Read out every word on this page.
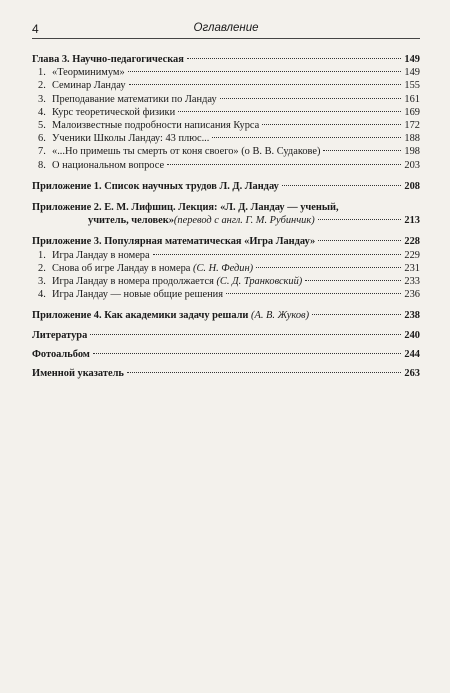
4	Оглавление
Глава 3. Научно-педагогическая	149
1. «Теорминимум»	149
2. Семинар Ландау	155
3. Преподавание математики по Ландау	161
4. Курс теоретической физики	169
5. Малоизвестные подробности написания Курса	172
6. Ученики Школы Ландау: 43 плюс...	188
7. «...Но примешь ты смерть от коня своего» (о В. В. Судакове)	198
8. О национальном вопросе	203
Приложение 1. Список научных трудов Л. Д. Ландау	208
Приложение 2. Е. М. Лифшиц. Лекция: «Л. Д. Ландау — ученый,
учитель, человек» (перевод с англ. Г. М. Рубинчик)	213
Приложение 3. Популярная математическая «Игра Ландау»	228
1. Игра Ландау в номера	229
2. Снова об игре Ландау в номера (С. Н. Федин)	231
3. Игра Ландау в номера продолжается (С. Д. Транковский)	233
4. Игра Ландау — новые общие решения	236
Приложение 4. Как академики задачу решали (А. В. Жуков)	238
Литература	240
Фотоальбом	244
Именной указатель	263
